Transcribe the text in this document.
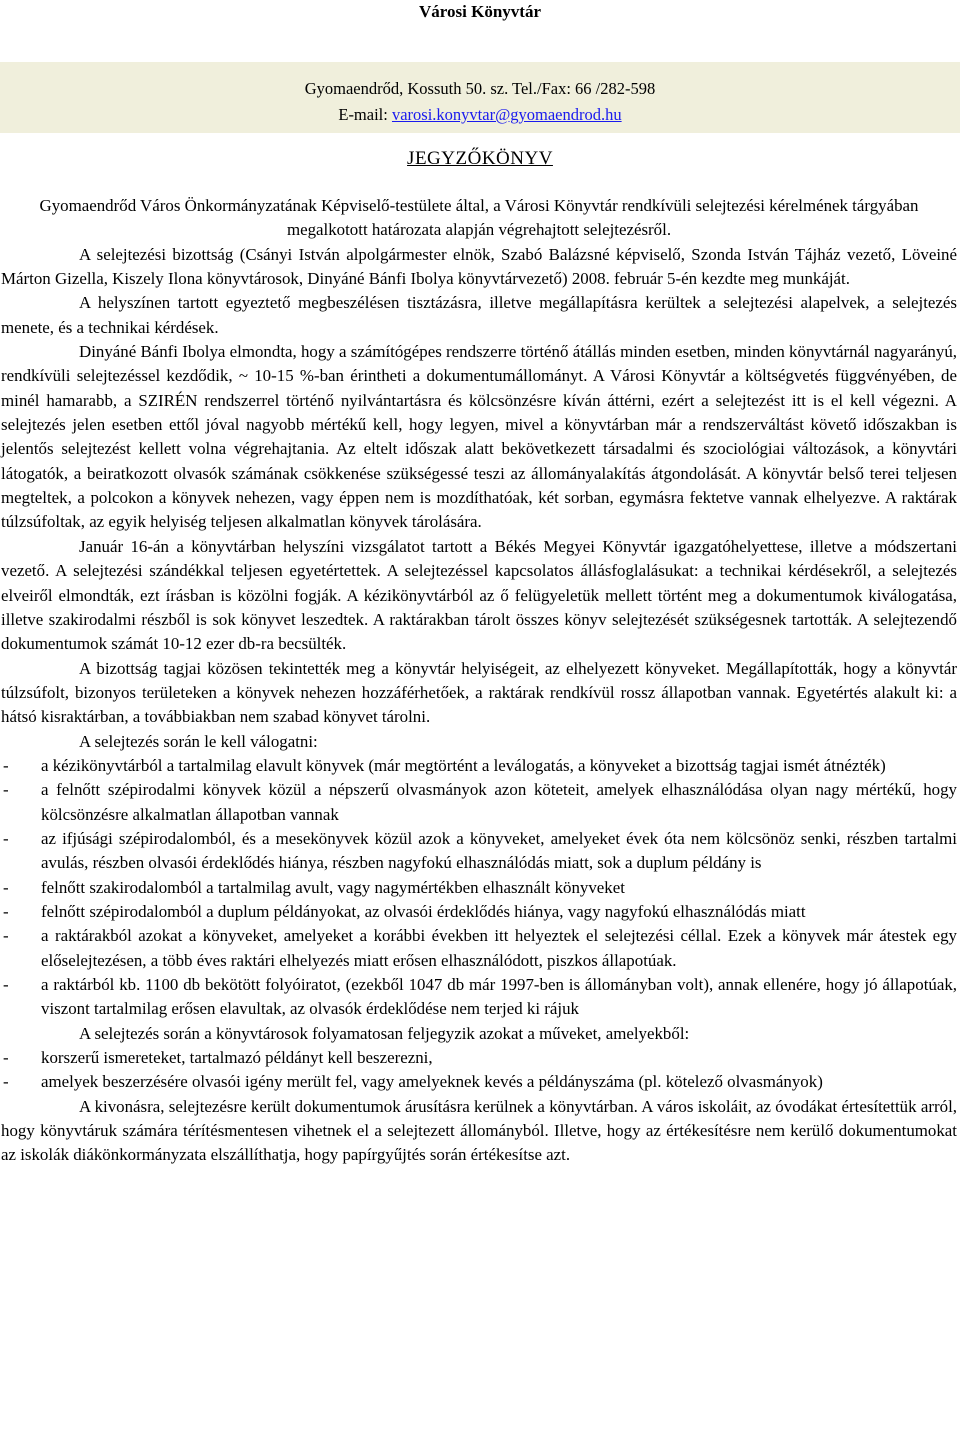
Városi Könyvtár
Gyomaendrőd, Kossuth 50. sz. Tel./Fax: 66 /282-598
E-mail: varosi.konyvtar@gyomaendrod.hu
JEGYZŐKÖNYV

Gyomaendrőd Város Önkormányzatának Képviselő-testülete által, a Városi Könyvtár rendkívüli selejtezési kérelmének tárgyában megalkotott határozata alapján végrehajtott selejtezésről.

A selejtezési bizottság (Csányi István alpolgármester elnök, Szabó Balázsné képviselő, Szonda István Tájház vezető, Löveiné Márton Gizella, Kiszely Ilona könyvtárosok, Dinyáné Bánfi Ibolya könyvtárvezető) 2008. február 5-én kezdte meg munkáját.

A helyszínen tartott egyeztető megbeszélésen tisztázásra, illetve megállapításra kerültek a selejtezési alapelvek, a selejtezés menete, és a technikai kérdések.

Dinyáné Bánfi Ibolya elmondta, hogy a számítógépes rendszerre történő átállás minden esetben, minden könyvtárnál nagyarányú, rendkívüli selejtezéssel kezdődik, ~ 10-15 %-ban érintheti a dokumentumállományt. A Városi Könyvtár a költségvetés függvényében, de minél hamarabb, a SZIRÉN rendszerrel történő nyilvántartásra és kölcsönzésre kíván áttérni, ezért a selejtezést itt is el kell végezni. A selejtezés jelen esetben ettől jóval nagyobb mértékű kell, hogy legyen, mivel a könyvtárban már a rendszerváltást követő időszakban is jelentős selejtezést kellett volna végrehajtania. Az eltelt időszak alatt bekövetkezett társadalmi és szociológiai változások, a könyvtári látogatók, a beiratkozott olvasók számának csökkenése szükségessé teszi az állományalakítás átgondolását. A könyvtár belső terei teljesen megteltek, a polcokon a könyvek nehezen, vagy éppen nem is mozdíthatóak, két sorban, egymásra fektetve vannak elhelyezve. A raktárak túlzsúfoltak, az egyik helyiség teljesen alkalmatlan könyvek tárolására.

Január 16-án a könyvtárban helyszíni vizsgálatot tartott a Békés Megyei Könyvtár igazgatóhelyettese, illetve a módszertani vezető. A selejtezési szándékkal teljesen egyetértettek. A selejtezéssel kapcsolatos állásfoglalásukat: a technikai kérdésekről, a selejtezés elveiről elmondták, ezt írásban is közölni fogják. A kézikönyvtárból az ő felügyeletük mellett történt meg a dokumentumok kiválogatása, illetve szakirodalmi részből is sok könyvet leszedtek. A raktárakban tárolt összes könyv selejtezését szükségesnek tartották. A selejtezendő dokumentumok számát 10-12 ezer db-ra becsülték.

A bizottság tagjai közösen tekintették meg a könyvtár helyiségeit, az elhelyezett könyveket. Megállapították, hogy a könyvtár túlzsúfolt, bizonyos területeken a könyvek nehezen hozzáférhetőek, a raktárak rendkívül rossz állapotban vannak. Egyetértés alakult ki: a hátsó kisraktárban, a továbbiakban nem szabad könyvet tárolni.

A selejtezés során le kell válogatni:

- a kézikönyvtárból a tartalmilag elavult könyvek (már megtörtént a leválogatás, a könyveket a bizottság tagjai ismét átnézték)
- a felnőtt szépirodalmi könyvek közül a népszerű olvasmányok azon köteteit, amelyek elhasználódása olyan nagy mértékű, hogy kölcsönzésre alkalmatlan állapotban vannak
- az ifjúsági szépirodalomból, és a mesekönyvek közül azok a könyveket, amelyeket évek óta nem kölcsönöz senki, részben tartalmi avulás, részben olvasói érdeklődés hiánya, részben nagyfokú elhasználódás miatt, sok a duplum példány is
- felnőtt szakirodalomból a tartalmilag avult, vagy nagymértékben elhasznált könyveket
- felnőtt szépirodalomból a duplum példányokat, az olvasói érdeklődés hiánya, vagy nagyfokú elhasználódás miatt
- a raktárakból azokat a könyveket, amelyeket a korábbi években itt helyeztek el selejtezési céllal. Ezek a könyvek már átestek egy előselejtezésen, a több éves raktári elhelyezés miatt erősen elhasználódott, piszkos állapotúak.
- a raktárból kb. 1100 db bekötött folyóiratot, (ezekből 1047 db már 1997-ben is állományban volt), annak ellenére, hogy jó állapotúak, viszont tartalmilag erősen elavultak, az olvasók érdeklődése nem terjed ki rájuk

A selejtezés során a könyvtárosok folyamatosan feljegyzik azokat a műveket, amelyekből:

- korszerű ismereteket, tartalmazó példányt kell beszerezni,
- amelyek beszerzésére olvasói igény merült fel, vagy amelyeknek kevés a példányszáma (pl. kötelező olvasmányok)

A kivonásra, selejtezésre került dokumentumok árusításra kerülnek a könyvtárban. A város iskoláit, az óvodákat értesítettük arról, hogy könyvtáruk számára térítésmentesen vihetnek el a selejtezett állományból. Illetve, hogy az értékesítésre nem kerülő dokumentumokat az iskolák diákönkormányzata elszállíthatja, hogy papírgyűjtés során értékesítse azt.
